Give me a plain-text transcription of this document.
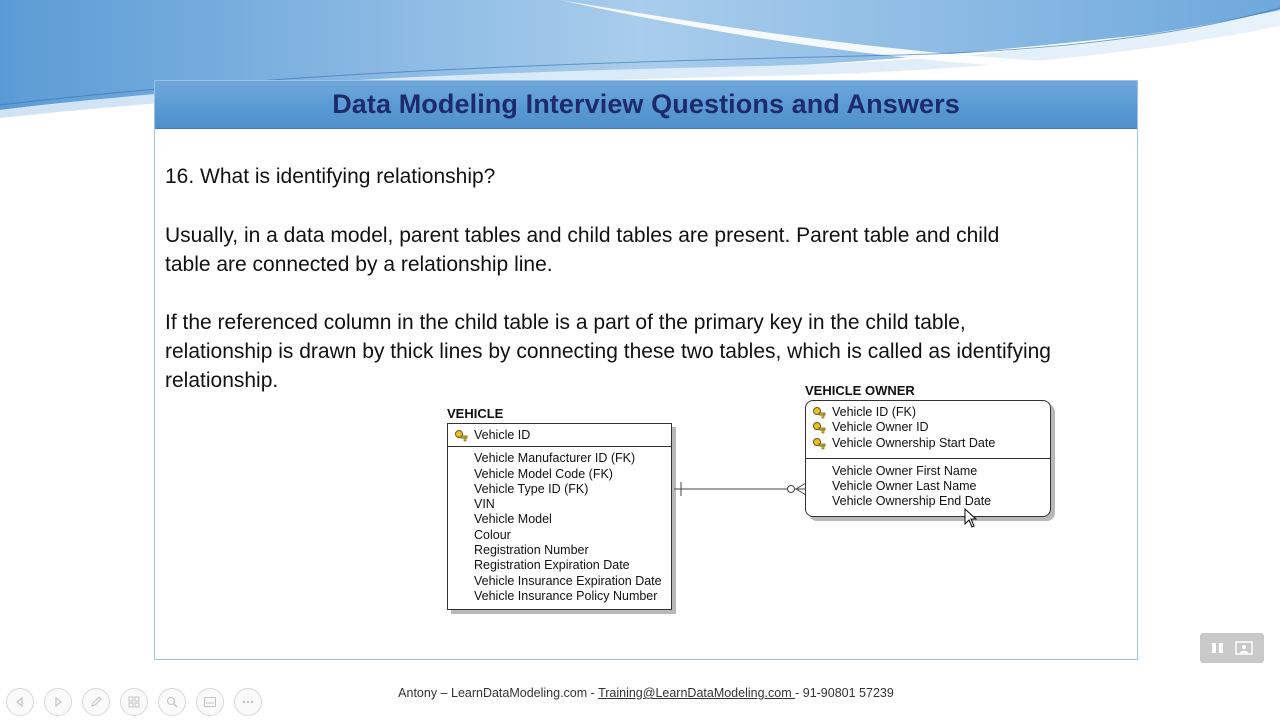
Data Modeling Interview Questions and Answers

16. What is identifying relationship?

Usually, in a data model, parent tables and child tables are present. Parent table and child
table are connected by a relationship line.
If the referenced column in the child table is a part of the primary key in the child table,
relationship is drawn by thick lines by connecting these two tables, which is called as identifying
relationship.
VEHICLE
Vehicle ID
Vehicle Manufacturer ID (FK)
Vehicle Model Code (FK)
Vehicle Type ID (FK)
VIN
Vehicle Model
Colour
Registration Number
Registration Expiration Date
Vehicle Insurance Expiration Date
Vehicle Insurance Policy Number
VEHICLE OWNER
Vehicle ID (FK)
Vehicle Owner ID
Vehicle Ownership Start Date
Vehicle Owner First Name
Vehicle Owner Last Name
Vehicle Ownership End Date
Antony – LearnDataModeling.com - Training@LearnDataModeling.com - 91-90801 57239
